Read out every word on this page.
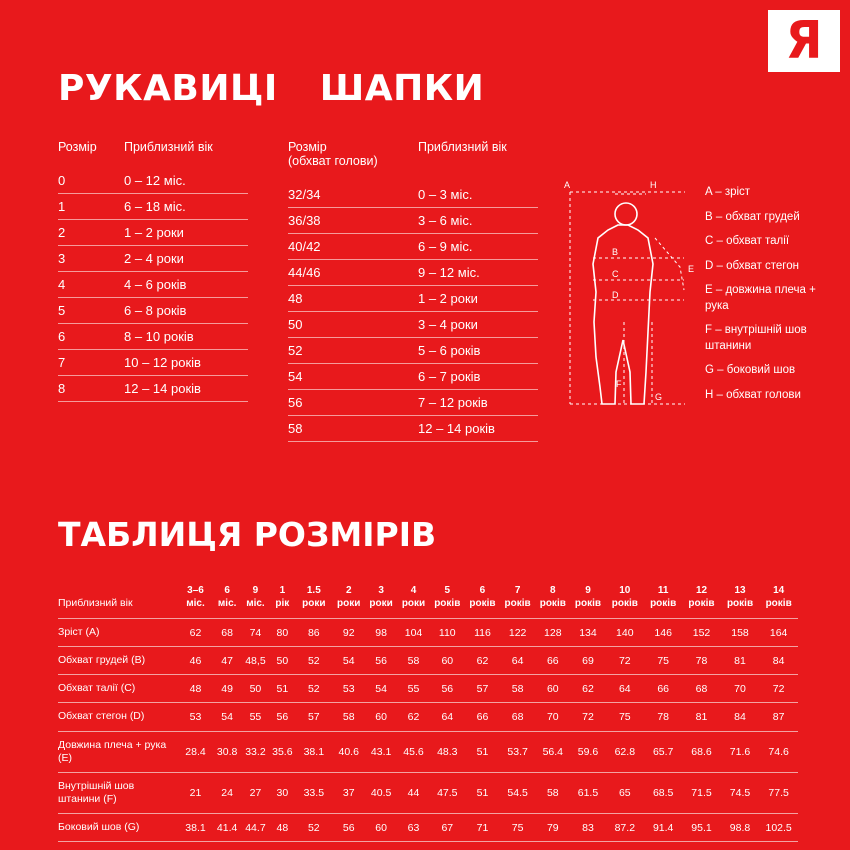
Я
РУКАВИЦІ ШАПКИ
Розмір	Приблизний вік
0	0 – 12 міс.
1	6 – 18 міс.
2	1 – 2 роки
3	2 – 4 роки
4	4 – 6 років
5	6 – 8 років
6	8 – 10 років
7	10 – 12 років
8	12 – 14 років
Розмір
(обхват голови)
Приблизний вік
32/34	0 – 3 міс.
36/38	3 – 6 міс.
40/42	6 – 9 міс.
44/46	9 – 12 міс.
48	1 – 2 роки
50	3 – 4 роки
52	5 – 6 років
54	6 – 7 років
56	7 – 12 років
58	12 – 14 років
A	H
B
C
D
E
F
G
A – зріст
B – обхват грудей
C – обхват талії
D – обхват стегон
E – довжина плеча + рука
F – внутрішній шов штанини
G – боковий шов
H – обхват голови
ТАБЛИЦЯ РОЗМІРІВ
Приблизний вік	3–6 міс.	6 міс.	9 міс.	1 рік	1.5 роки	2 роки	3 роки	4 роки	5 років	6 років	7 років	8 років	9 років	10 років	11 років	12 років	13 років	14 років
Зріст (A)	62	68	74	80	86	92	98	104	110	116	122	128	134	140	146	152	158	164
Обхват грудей (B)	46	47	48,5	50	52	54	56	58	60	62	64	66	69	72	75	78	81	84
Обхват талії (C)	48	49	50	51	52	53	54	55	56	57	58	60	62	64	66	68	70	72
Обхват стегон (D)	53	54	55	56	57	58	60	62	64	66	68	70	72	75	78	81	84	87
Довжина плеча + рука (E)	28.4	30.8	33.2	35.6	38.1	40.6	43.1	45.6	48.3	51	53.7	56.4	59.6	62.8	65.7	68.6	71.6	74.6
Внутрішній шов штанини (F)	21	24	27	30	33.5	37	40.5	44	47.5	51	54.5	58	61.5	65	68.5	71.5	74.5	77.5
Боковий шов (G)	38.1	41.4	44.7	48	52	56	60	63	67	71	75	79	83	87.2	91.4	95.1	98.8	102.5
